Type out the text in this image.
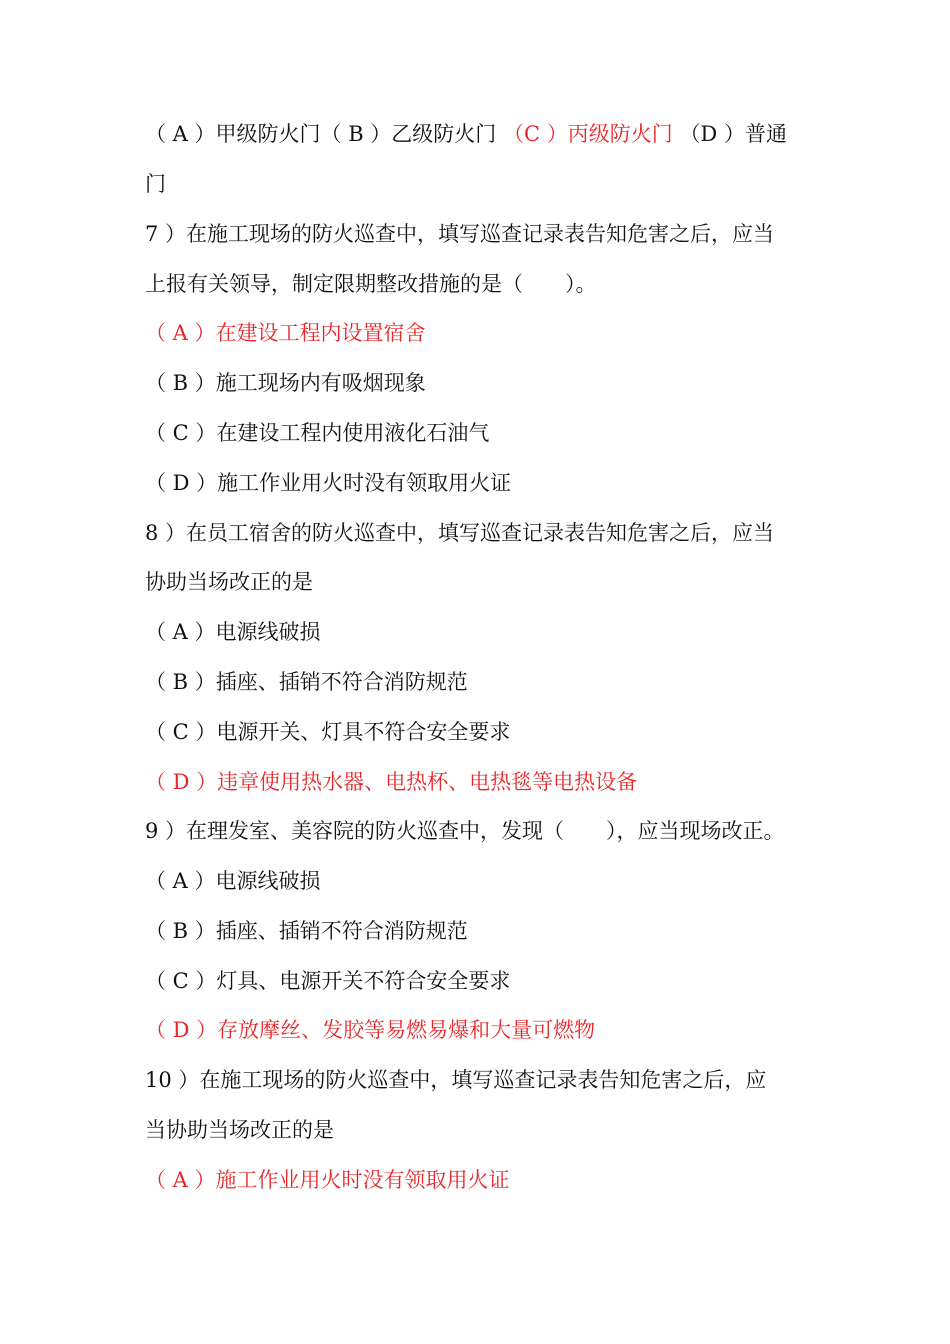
（ A ）甲级防火门（ B ）乙级防火门 （C ）丙级防火门 （D ）普通
门
7 ）在施工现场的防火巡查中，填写巡查记录表告知危害之后，应当
上报有关领导，制定限期整改措施的是（　　）。
（ A ）在建设工程内设置宿舍
（ B ）施工现场内有吸烟现象
（ C ）在建设工程内使用液化石油气
（ D ）施工作业用火时没有领取用火证
8 ）在员工宿舍的防火巡查中，填写巡查记录表告知危害之后，应当
协助当场改正的是
（ A ）电源线破损
（ B ）插座、插销不符合消防规范
（ C ）电源开关、灯具不符合安全要求
（ D ）违章使用热水器、电热杯、电热毯等电热设备
9 ）在理发室、美容院的防火巡查中，发现（　　），应当现场改正。
（ A ）电源线破损
（ B ）插座、插销不符合消防规范
（ C ）灯具、电源开关不符合安全要求
（ D ）存放摩丝、发胶等易燃易爆和大量可燃物
10 ）在施工现场的防火巡查中，填写巡查记录表告知危害之后，应
当协助当场改正的是
（ A ）施工作业用火时没有领取用火证
